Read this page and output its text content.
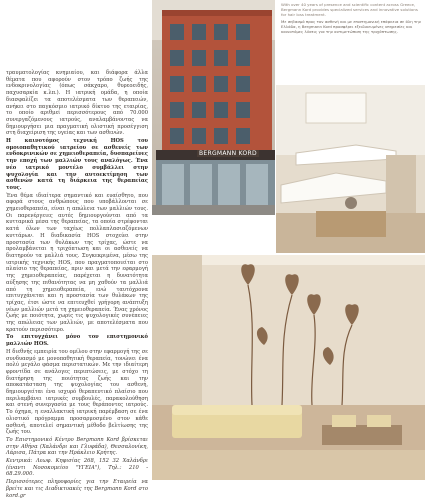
τραυματολογίας κνημιαίου, και διάφορα άλλα θέματα που αφορούν στον τρόπο ζωής της ενδοκρινολογίας (όπως σάκχαρο, θυρεοειδής, παχυσαρκία κ.λπ.). Η ιατρική ομάδα, η οποία διασφαλίζει τα αποτελέσματα των θεραπειών, ανήκει στο παγκόσμιο ιατρικό δίκτυο της εταιρίας, το οποίο αριθμεί περισσότερους από 70.000 συνεργαζόμενους ιατρούς, αναλαμβάνοντας να δημιουργήσει μια πραγματική ολιστική προσέγγιση στη διαχείριση της υγείας και των ασθενών.

Η καινοτόμος τεχνική HOS του ομοιοπαθητικού ιατρείου σε ασθενείς των ενδοκρινικών σε χημειοθεραπεία, δυσπαρείνες την εποχή των μαλλιών τους αναλόγως. Ένα νέο ιατρικό μοντέλο συμβάλλει στην ψυχολογία και την αυτοεκτίμηση των ασθενών κατά τη διάρκεια της θεραπείας τους.

Ένα θέμα ιδιαίτερα σημαντικό και ευαίσθητο, που αφορά στους ανθρώπους που υποβάλλονται σε χημειοθεραπεία, είναι η απώλεια των μαλλιών τους. Οι παρενέργειες αυτές δημιουργούνται από τα κυτταρικά μέσα της θεραπείας, τα οποία στρέφονται κατά όλων των ταχέως πολλαπλασιαζόμενων κυττάρων. Η διαδικασία HOS στοχεύει στην προστασία των θυλάκων της τρίχας, ώστε να προλαμβάνεται η τριχόπτωση και οι ασθενείς να διατηρούν τα μαλλιά τους. Συγκεκριμένα, μέσω της ιατρικής τεχνικής HOS, που πραγματοποιείται στο πλαίσιο της θεραπείας, πριν και μετά την εφαρμογή της χημειοθεραπείας, παρέχεται η δυνατότητα αύξησης της πιθανότητας να μη χαθούν τα μαλλιά από τη χημειοθεραπεία, ενώ ταυτόχρονα επιτυγχάνεται και η προστασία των θυλάκων της τρίχας, έτσι ώστε να επιτευχθεί γρήγορη ανάπτυξη νέων μαλλιών μετά τη χημειοθεραπεία. Ένας χρόνος ζωής με ποιότητα, χωρίς τις ψυχολογικές συνέπειες της απώλειας των μαλλιών, με αποτελέσματα που κρατούν περισσότερο.

Το επιτυγχάνει μόνο τον επιστημονικό μαλλιών HOS.

Η διεθνής εμπειρία του ομίλου στην εφαρμογή της σε συνδυασμό με μονοπαθητική θεραπεία, τονώνει ένα πολύ μεγάλο φάσμα περιστατικών. Με την ιδιαίτερη φροντίδα σε ανάλογες περιπτώσεις, με στόχο τη διατήρηση της ποιότητας ζωής και την αποκατάσταση της ψυχολογίας του ασθενή, δημιουργείται ένα ισχυρό θεραπευτικό πλαίσιο που περιλαμβάνει ιατρικές συμβουλές, παρακολούθηση και στενή συνεργασία με τους θεράποντες ιατρούς. Το όχημα, η εναλλακτική ιατρική παρέμβαση σε ένα ολιστικό πρόγραμμα προσαρμοσμένο στον κάθε ασθενή, αποτελεί σημαντική μέθοδο βελτίωσης της ζωής του.

Το Επιστημονικό Κέντρο Bergmann Kord βρίσκεται στην Αθήνα (Χαλάνδρι και Γλυφάδα), Θεσσαλονίκη, Λάρισα, Πάτρα και την Ηράκλειο Κρήτης.

Κεντρικά: Λεωφ. Κηφισίας 268, 152 32 Χαλάνδρι (έναντι Νοσοκομείου "ΥΓΕΙΑ"), Τηλ.: 210 - 68.29.000.

Περισσότερες πληροφορίες για την Εταιρεία να βρείτε και τις Διαδικτυακές της Bergmann Kord στο kord.gr

BERGMANN KORD

With over 40 years of presence and scientific content across Greece, Bergmann Kord provides specialized services and innovative solutions for hair loss treatment.

Με σεβασμό προς τον ασθενή και με επιστημονική επάρκεια σε όλη την Ελλάδα, η Bergmann Kord προσφέρει εξειδικευμένες υπηρεσίες και καινοτόμες λύσεις για την αντιμετώπιση της τριχόπτωσης.
